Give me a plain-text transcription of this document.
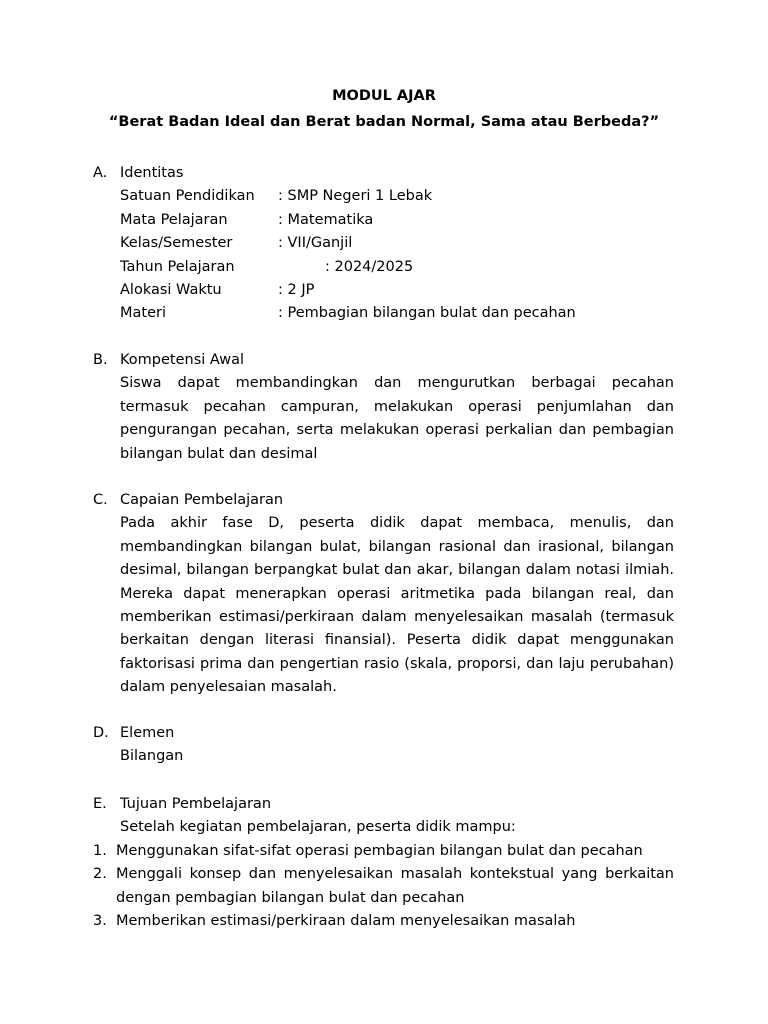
MODUL AJAR
“Berat Badan Ideal dan Berat badan Normal, Sama atau Berbeda?”
A. Identitas
Satuan Pendidikan : SMP Negeri 1 Lebak
Mata Pelajaran	: Matematika
Kelas/Semester	: VII/Ganjil
Tahun Pelajaran	: 2024/2025
Alokasi Waktu	: 2 JP
Materi	: Pembagian bilangan bulat dan pecahan
B. Kompetensi Awal
Siswa dapat membandingkan dan mengurutkan berbagai pecahan termasuk pecahan campuran, melakukan operasi penjumlahan dan pengurangan pecahan, serta melakukan operasi perkalian dan pembagian bilangan bulat dan desimal
C. Capaian Pembelajaran
Pada akhir fase D, peserta didik dapat membaca, menulis, dan membandingkan bilangan bulat, bilangan rasional dan irasional, bilangan desimal, bilangan berpangkat bulat dan akar, bilangan dalam notasi ilmiah. Mereka dapat menerapkan operasi aritmetika pada bilangan real, dan memberikan estimasi/perkiraan dalam menyelesaikan masalah (termasuk berkaitan dengan literasi finansial). Peserta didik dapat menggunakan faktorisasi prima dan pengertian rasio (skala, proporsi, dan laju perubahan) dalam penyelesaian masalah.
D. Elemen
Bilangan
E. Tujuan Pembelajaran
Setelah kegiatan pembelajaran, peserta didik mampu:
1. Menggunakan sifat-sifat operasi pembagian bilangan bulat dan pecahan
2. Menggali konsep dan menyelesaikan masalah kontekstual yang berkaitan dengan pembagian bilangan bulat dan pecahan
3. Memberikan estimasi/perkiraan dalam menyelesaikan masalah
